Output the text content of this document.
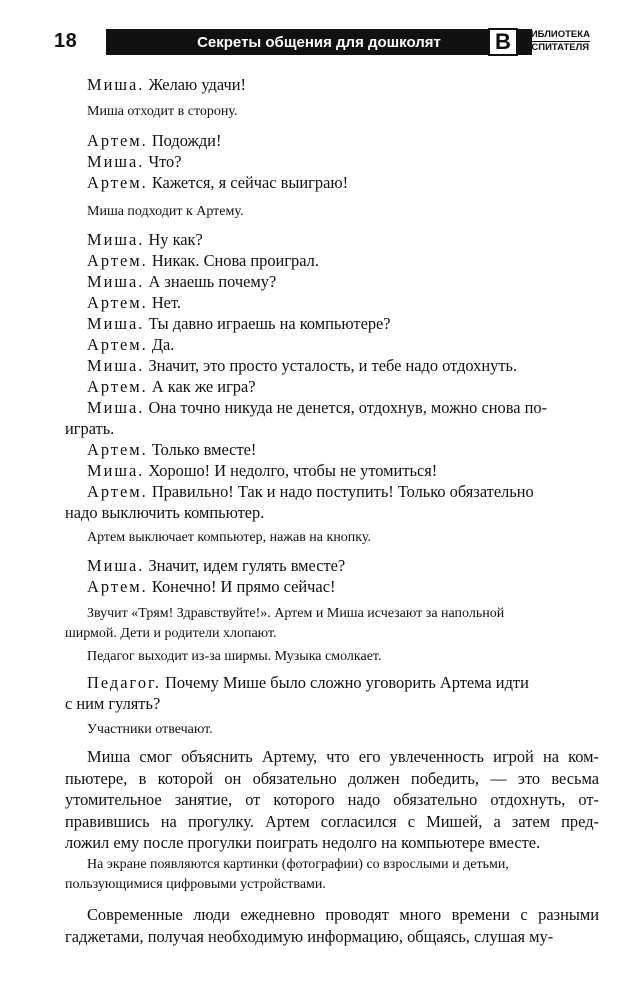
18	Секреты общения для дошколят	В	БИБЛИОТЕКА
ОСПИТАТЕЛЯ
Миша. Желаю удачи!
Миша отходит в сторону.
Артем. Подожди!
Миша. Что?
Артем. Кажется, я сейчас выиграю!
Миша подходит к Артему.
Миша. Ну как?
Артем. Никак. Снова проиграл.
Миша. А знаешь почему?
Артем. Нет.
Миша. Ты давно играешь на компьютере?
Артем. Да.
Миша. Значит, это просто усталость, и тебе надо отдохнуть.
Артем. А как же игра?
Миша. Она точно никуда не денется, отдохнув, можно снова по-
играть.
Артем. Только вместе!
Миша. Хорошо! И недолго, чтобы не утомиться!
Артем. Правильно! Так и надо поступить! Только обязательно
надо выключить компьютер.
Артем выключает компьютер, нажав на кнопку.
Миша. Значит, идем гулять вместе?
Артем. Конечно! И прямо сейчас!
Звучит «Трям! Здравствуйте!». Артем и Миша исчезают за напольной
ширмой. Дети и родители хлопают.
Педагог выходит из-за ширмы. Музыка смолкает.
Педагог. Почему Мише было сложно уговорить Артема идти
с ним гулять?
Участники отвечают.
Миша смог объяснить Артему, что его увлеченность игрой на ком-
пьютере, в которой он обязательно должен победить, — это весьма
утомительное занятие, от которого надо обязательно отдохнуть, от-
правившись на прогулку. Артем согласился с Мишей, а затем пред-
ложил ему после прогулки поиграть недолго на компьютере вместе.
На экране появляются картинки (фотографии) со взрослыми и детьми,
пользующимися цифровыми устройствами.
Современные люди ежедневно проводят много времени с разными
гаджетами, получая необходимую информацию, общаясь, слушая му-
